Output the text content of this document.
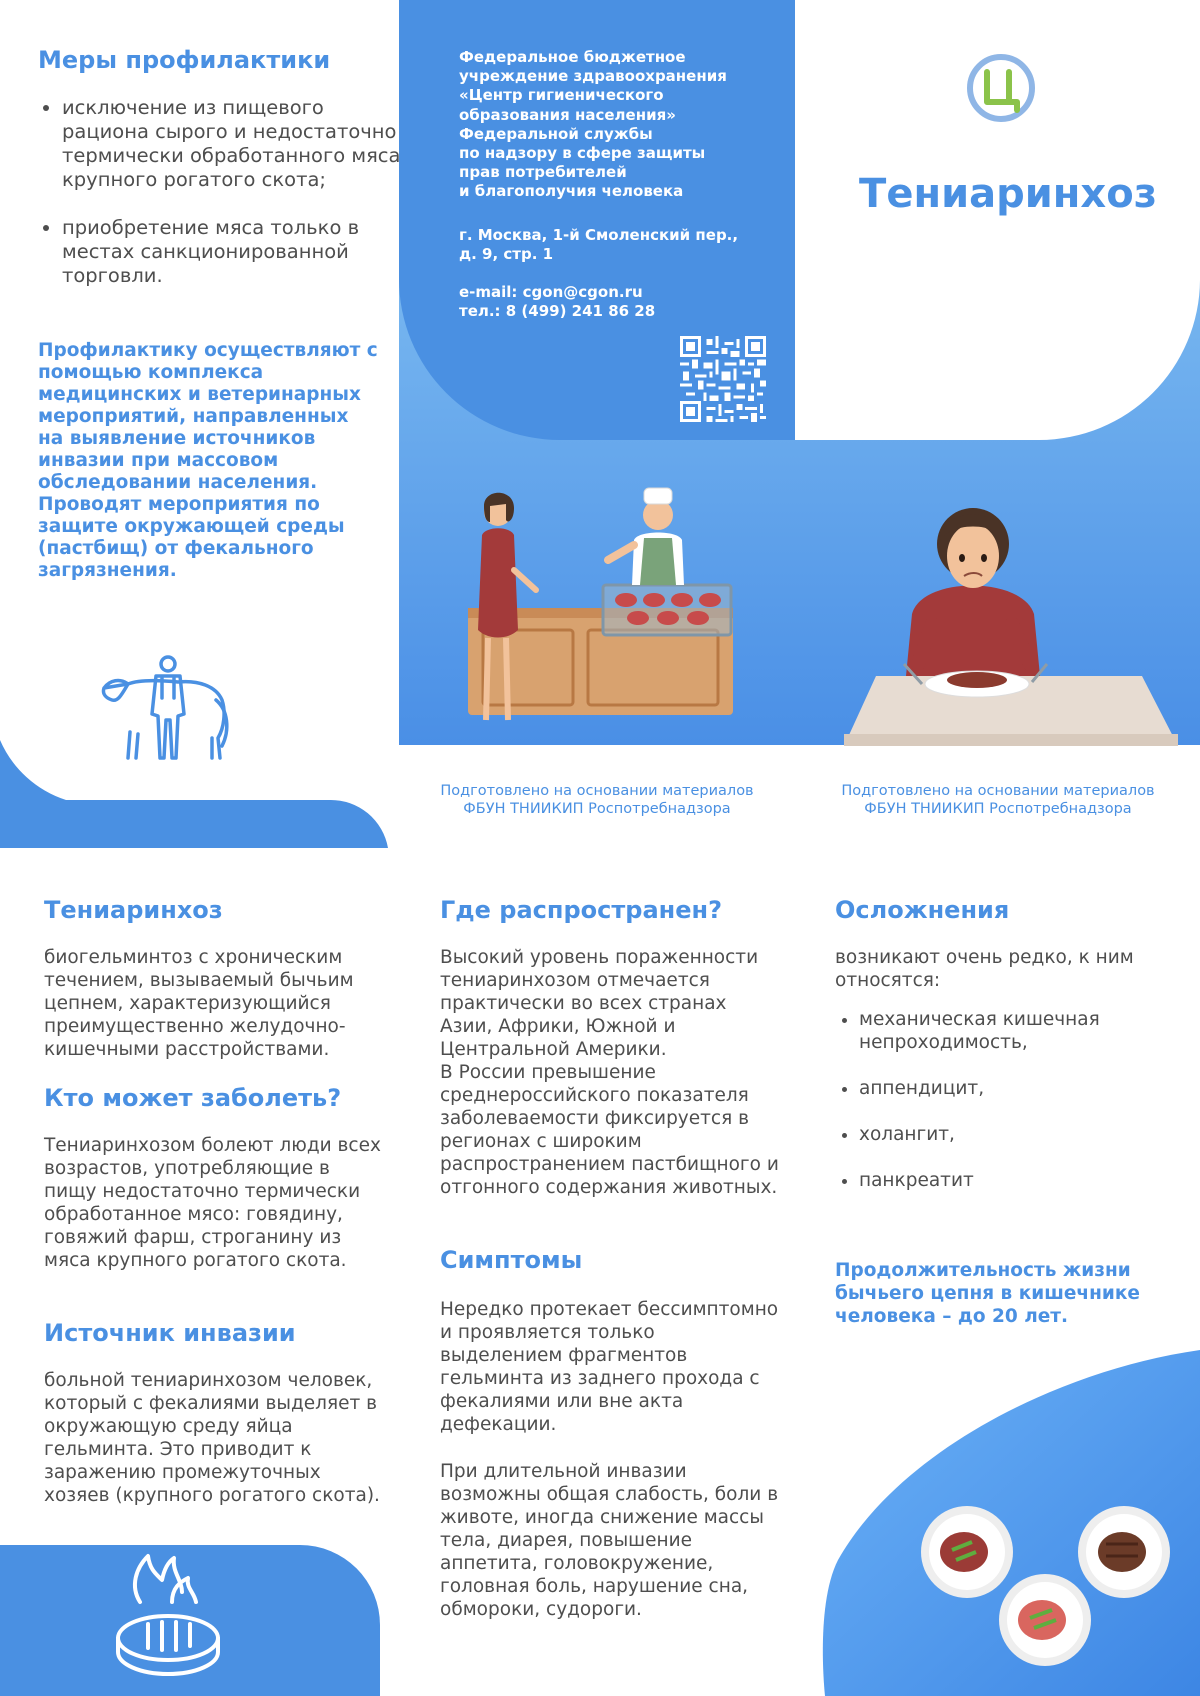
Меры профилактики
• исключение из пищевого рациона сырого и недостаточно термически обработанного мяса крупного рогатого скота;
• приобретение мяса только в местах санкционированной торговли.

Профилактику осуществляют с помощью комплекса медицинских и ветеринарных мероприятий, направленных на выявление источников инвазии при массовом обследовании населения.
Проводят мероприятия по защите окружающей среды (пастбищ) от фекального загрязнения.

Федеральное бюджетное
учреждение здравоохранения
«Центр гигиенического
образования населения»
Федеральной службы
по надзору в сфере защиты
прав потребителей
и благополучия человека

г. Москва, 1-й Смоленский пер.,
д. 9, стр. 1

e-mail: cgon@cgon.ru
тел.: 8 (499) 241 86 28

Подготовлено на основании материалов
ФБУН ТНИИКИП Роспотребнадзора

Тениаринхоз

Подготовлено на основании материалов
ФБУН ТНИИКИП Роспотребнадзора

Тениаринхоз

биогельминтоз с хроническим течением, вызываемый бычьим цепнем, характеризующийся преимущественно желудочно-кишечными расстройствами.

Кто может заболеть?

Тениаринхозом болеют люди всех возрастов, употребляющие в пищу недостаточно термически обработанное мясо: говядину, говяжий фарш, строганину из мяса крупного рогатого скота.

Источник инвазии

больной тениаринхозом человек, который с фекалиями выделяет в окружающую среду яйца гельминта. Это приводит к заражению промежуточных хозяев (крупного рогатого скота).

Где распространен?

Высокий уровень пораженности тениаринхозом отмечается практически во всех странах Азии, Африки, Южной и Центральной Америки.
В России превышение среднероссийского показателя заболеваемости фиксируется в регионах с широким распространением пастбищного и отгонного содержания животных.

Симптомы

Нередко протекает бессимптомно и проявляется только выделением фрагментов гельминта из заднего прохода с фекалиями или вне акта дефекации.

При длительной инвазии возможны общая слабость, боли в животе, иногда снижение массы тела, диарея, повышение аппетита, головокружение, головная боль, нарушение сна, обмороки, судороги.

Осложнения

возникают очень редко, к ним относятся:

• механическая кишечная непроходимость,
• аппендицит,
• холангит,
• панкреатит

Продолжительность жизни бычьего цепня в кишечнике человека – до 20 лет.
